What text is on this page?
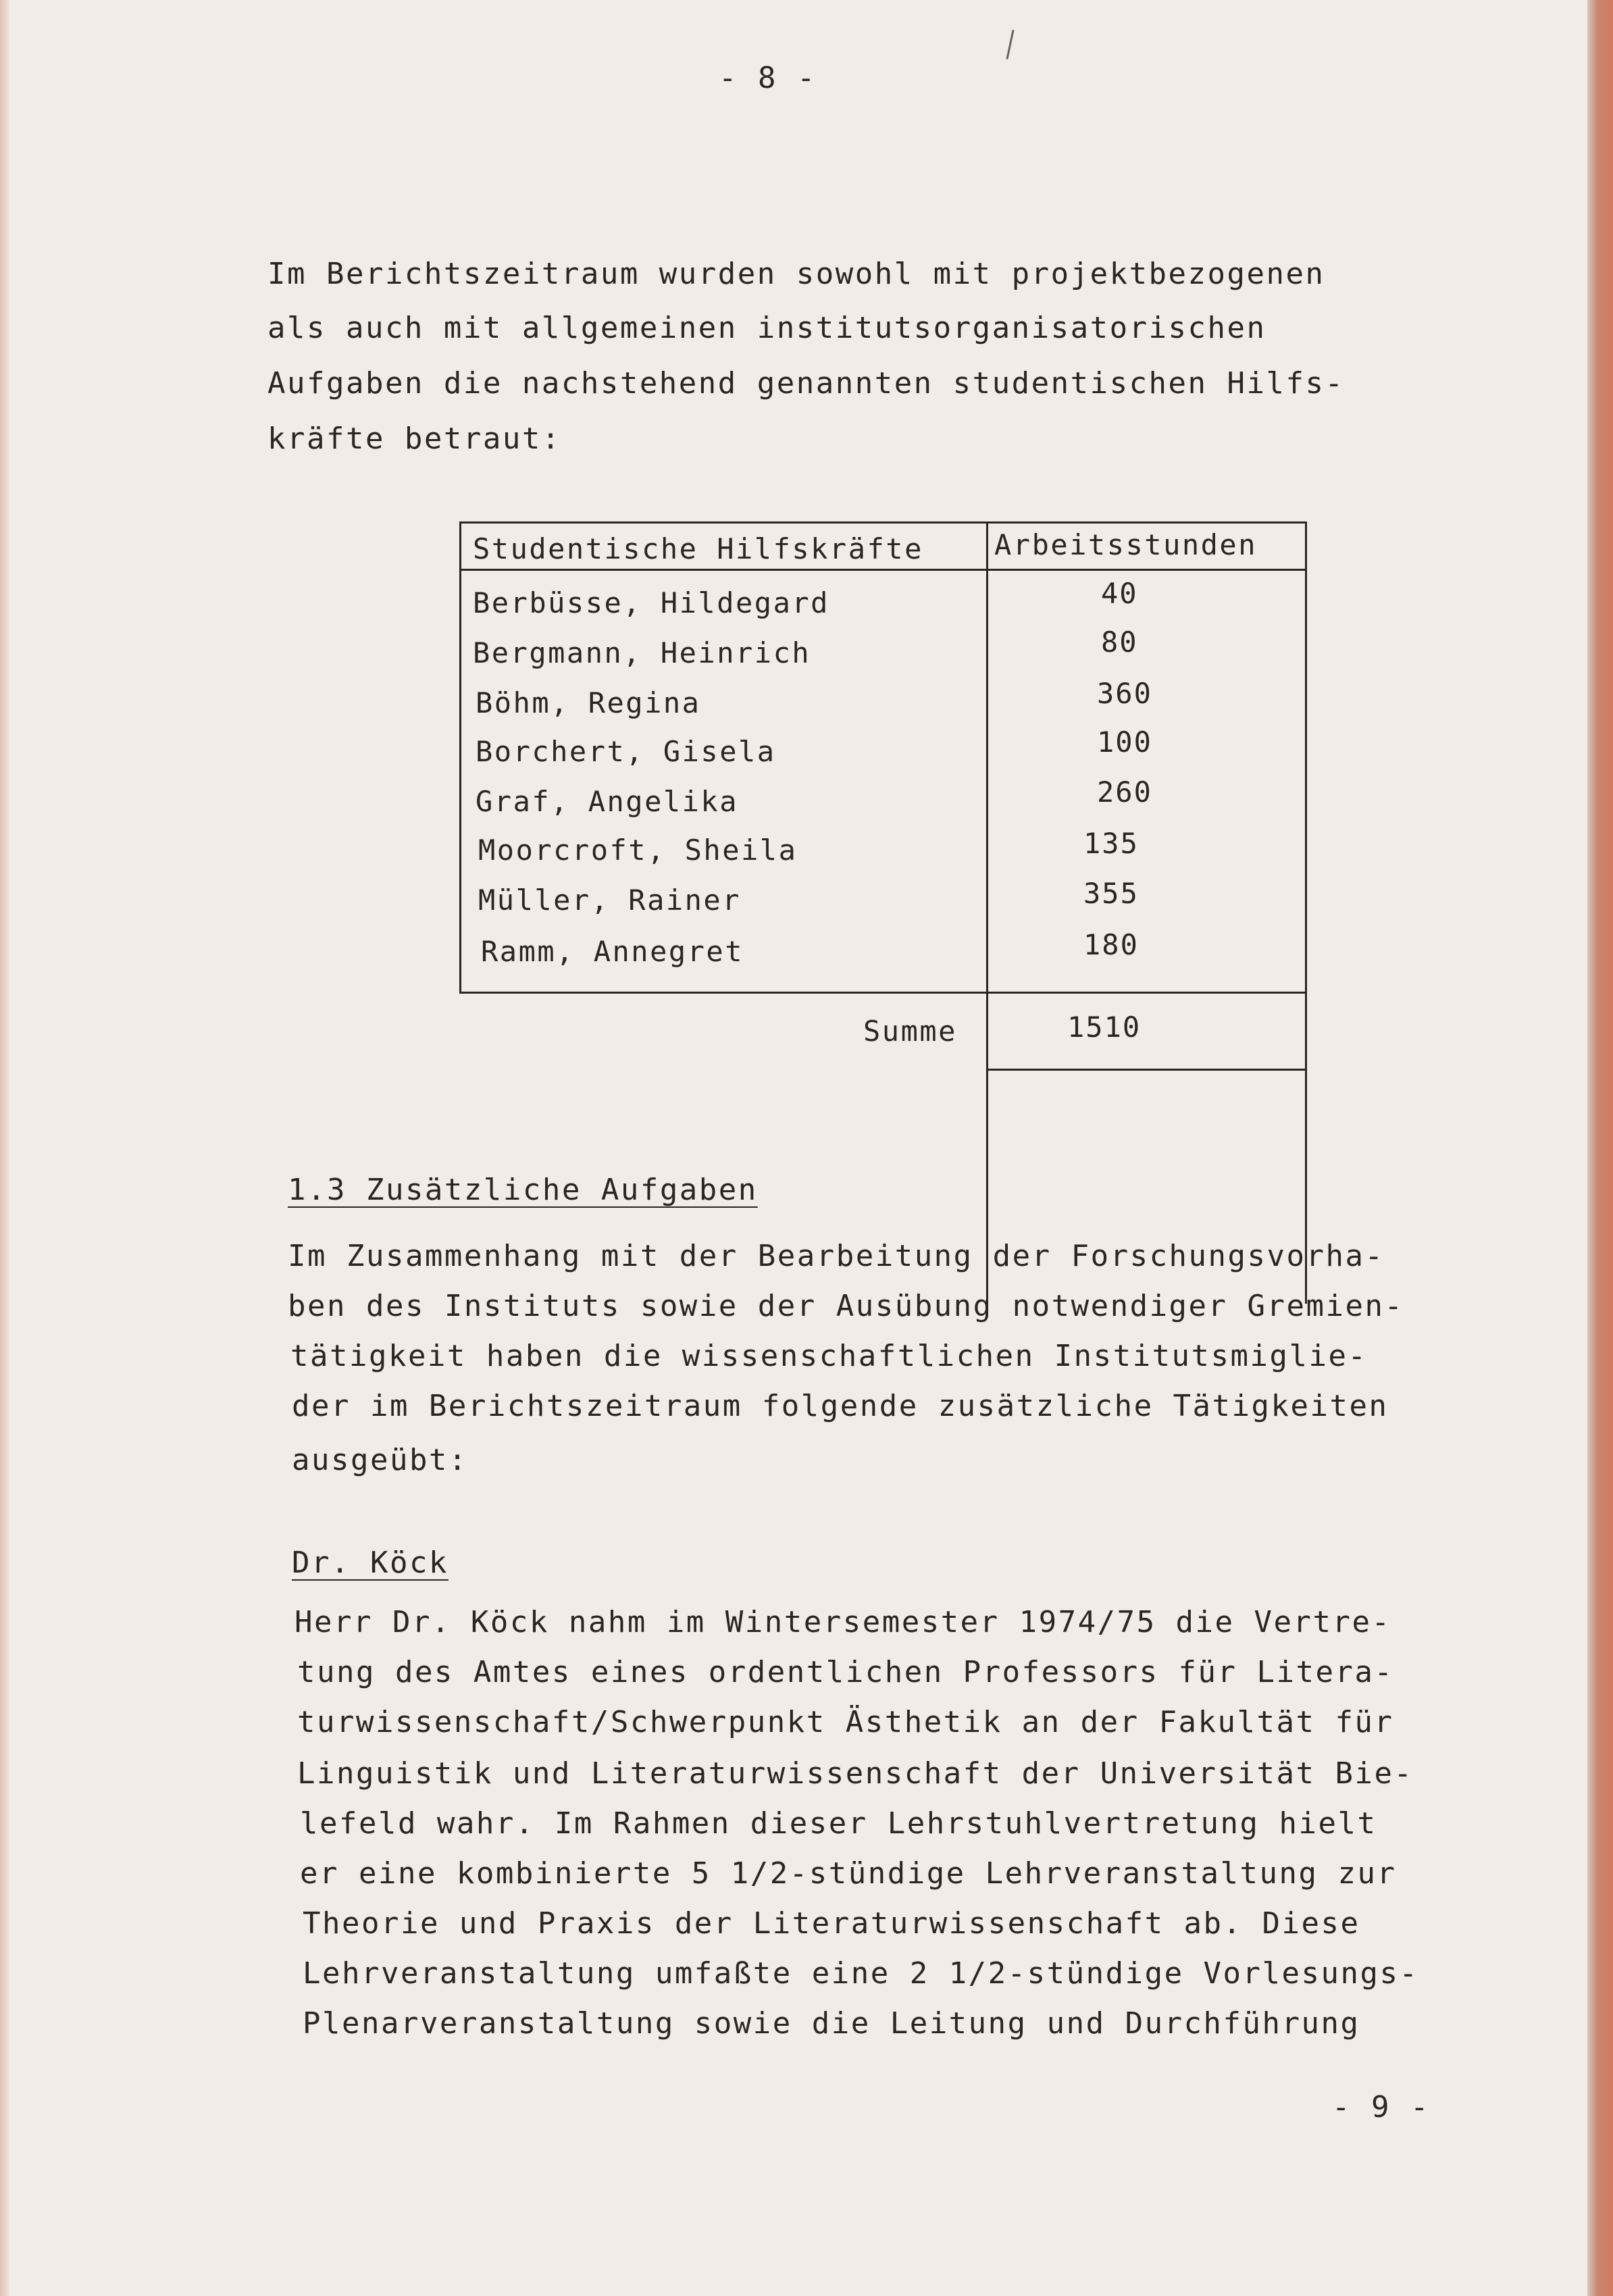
- 8 -
Im Berichtszeitraum wurden sowohl mit projektbezogenen
als auch mit allgemeinen institutsorganisatorischen
Aufgaben die nachstehend genannten studentischen Hilfs-
kräfte betraut:
Studentische Hilfskräfte	Arbeitsstunden
Berbüsse, Hildegard	40
Bergmann, Heinrich	80
Böhm, Regina	360
Borchert, Gisela	100
Graf, Angelika	260
Moorcroft, Sheila	135
Müller, Rainer	355
Ramm, Annegret	180
Summe	1510
1.3 Zusätzliche Aufgaben
Im Zusammenhang mit der Bearbeitung der Forschungsvorha-
ben des Instituts sowie der Ausübung notwendiger Gremien-
tätigkeit haben die wissenschaftlichen Institutsmiglie-
der im Berichtszeitraum folgende zusätzliche Tätigkeiten
ausgeübt:
Dr. Köck
Herr Dr. Köck nahm im Wintersemester 1974/75 die Vertre-
tung des Amtes eines ordentlichen Professors für Litera-
turwissenschaft/Schwerpunkt Ästhetik an der Fakultät für
Linguistik und Literaturwissenschaft der Universität Bie-
lefeld wahr. Im Rahmen dieser Lehrstuhlvertretung hielt
er eine kombinierte 5 1/2-stündige Lehrveranstaltung zur
Theorie und Praxis der Literaturwissenschaft ab. Diese
Lehrveranstaltung umfaßte eine 2 1/2-stündige Vorlesungs-
Plenarveranstaltung sowie die Leitung und Durchführung
- 9 -
